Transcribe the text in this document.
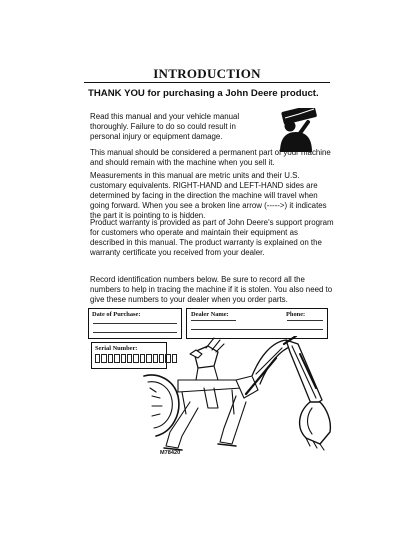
INTRODUCTION
THANK YOU for purchasing a John Deere product.
Read this manual and your vehicle manual thoroughly. Failure to do so could result in personal injury or equipment damage.
This manual should be considered a permanent part of your machine and should remain with the machine when you sell it.
Measurements in this manual are metric units and their U.S. customary equivalents. RIGHT-HAND and LEFT-HAND sides are determined by facing in the direction the machine will travel when going forward. When you see a broken line arrow (----->) it indicates the part it is pointing to is hidden.
Product warranty is provided as part of John Deere's support program for customers who operate and maintain their equipment as described in this manual. The product warranty is explained on the warranty certificate you received from your dealer.
Record identification numbers below. Be sure to record all the numbers to help in tracing the machine if it is stolen. You also need to give these numbers to your dealer when you order parts.
Date of Purchase:	Dealer Name:	Phone:
Serial Number:
M78420
